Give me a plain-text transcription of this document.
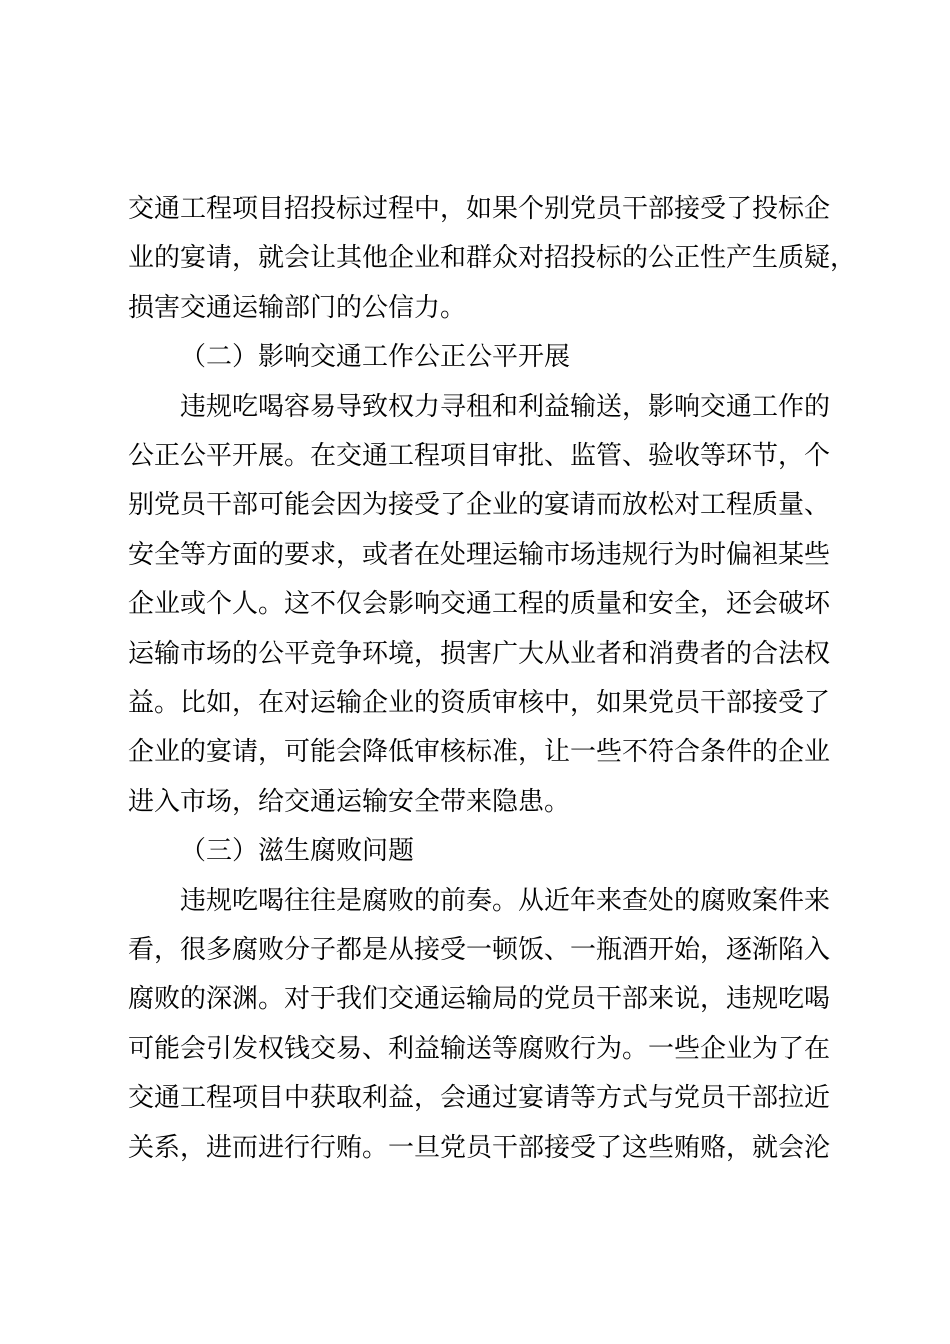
交通工程项目招投标过程中，如果个别党员干部接受了投标企
业的宴请，就会让其他企业和群众对招投标的公正性产生质疑，
损害交通运输部门的公信力。
（二）影响交通工作公正公平开展
违规吃喝容易导致权力寻租和利益输送，影响交通工作的
公正公平开展。在交通工程项目审批、监管、验收等环节，个
别党员干部可能会因为接受了企业的宴请而放松对工程质量、
安全等方面的要求，或者在处理运输市场违规行为时偏袒某些
企业或个人。这不仅会影响交通工程的质量和安全，还会破坏
运输市场的公平竞争环境，损害广大从业者和消费者的合法权
益。比如，在对运输企业的资质审核中，如果党员干部接受了
企业的宴请，可能会降低审核标准，让一些不符合条件的企业
进入市场，给交通运输安全带来隐患。
（三）滋生腐败问题
违规吃喝往往是腐败的前奏。从近年来查处的腐败案件来
看，很多腐败分子都是从接受一顿饭、一瓶酒开始，逐渐陷入
腐败的深渊。对于我们交通运输局的党员干部来说，违规吃喝
可能会引发权钱交易、利益输送等腐败行为。一些企业为了在
交通工程项目中获取利益，会通过宴请等方式与党员干部拉近
关系，进而进行行贿。一旦党员干部接受了这些贿赂，就会沦
